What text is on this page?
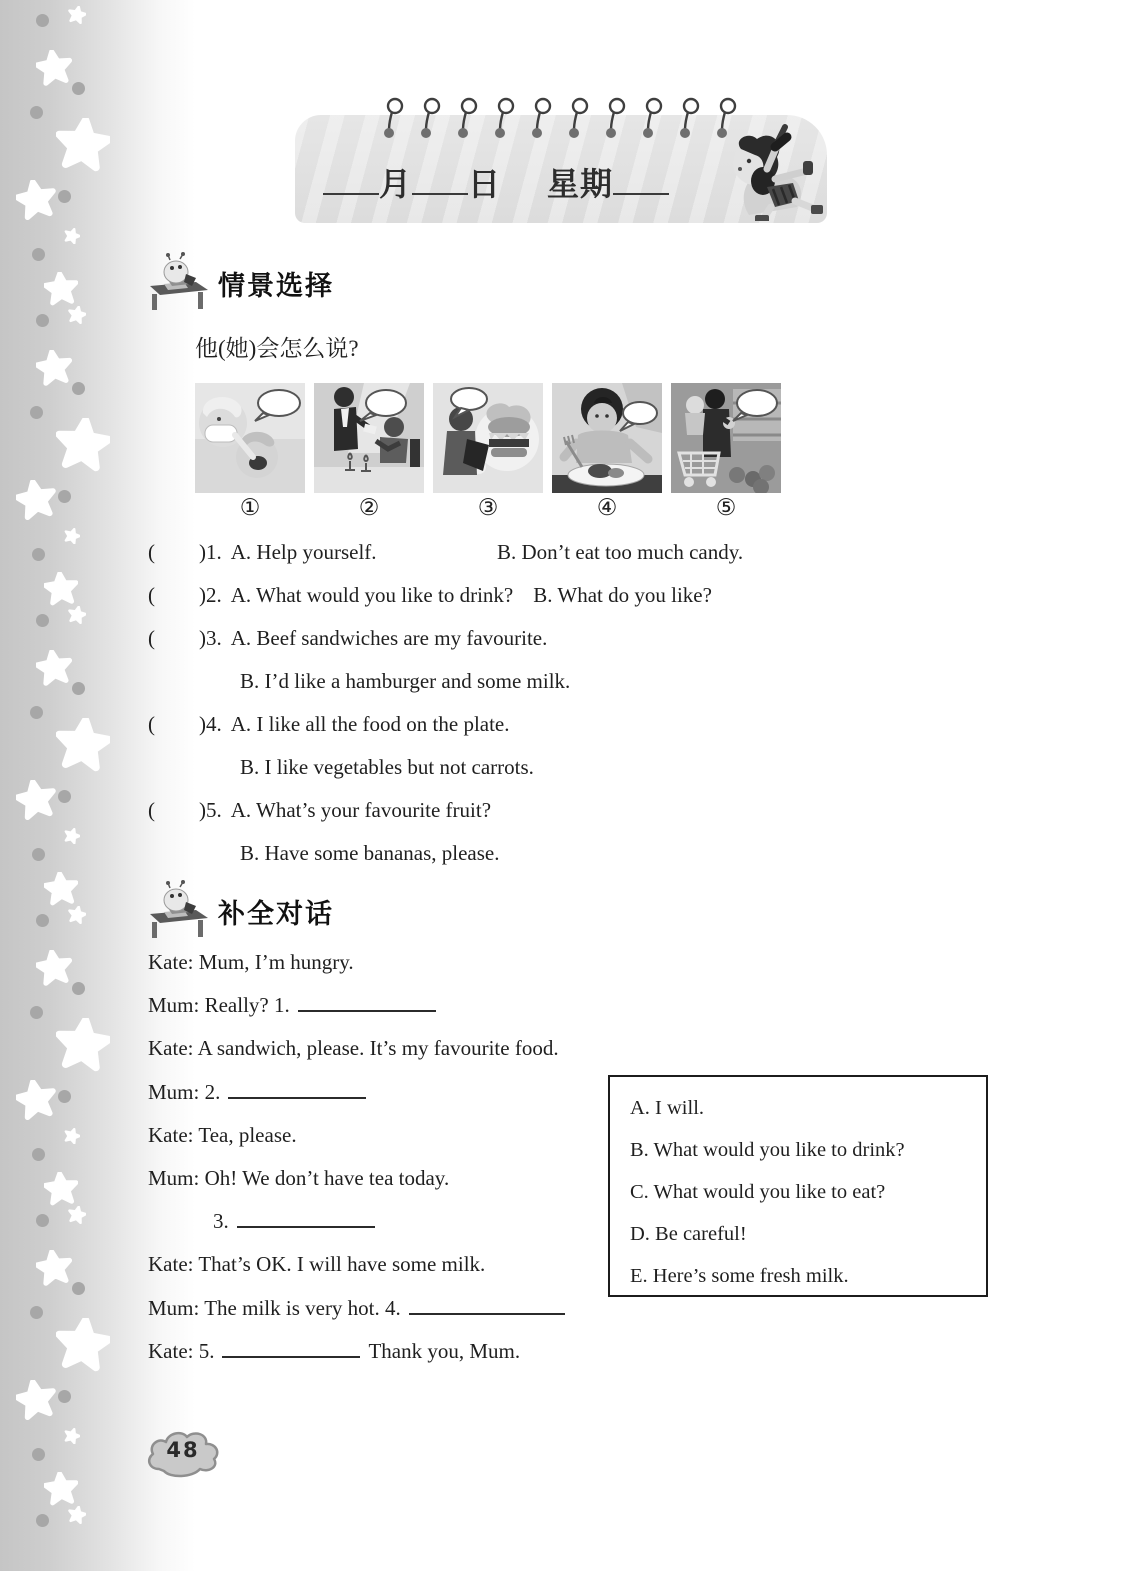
月 日 星期
情景选择
他(她)会怎么说?
①	②	③	④	⑤
( )1. A. Help yourself.	B. Don’t eat too much candy.
( )2. A. What would you like to drink? B. What do you like?
( )3. A. Beef sandwiches are my favourite.
B. I’d like a hamburger and some milk.
( )4. A. I like all the food on the plate.
B. I like vegetables but not carrots.
( )5. A. What’s your favourite fruit?
B. Have some bananas, please.
补全对话
Kate: Mum, I’m hungry.
Mum: Really? 1.
Kate: A sandwich, please. It’s my favourite food.
Mum: 2.
Kate: Tea, please.
Mum: Oh! We don’t have tea today.
3.
Kate: That’s OK. I will have some milk.
Mum: The milk is very hot. 4.
Kate: 5.	Thank you, Mum.
A. I will.
B. What would you like to drink?
C. What would you like to eat?
D. Be careful!
E. Here’s some fresh milk.
48
